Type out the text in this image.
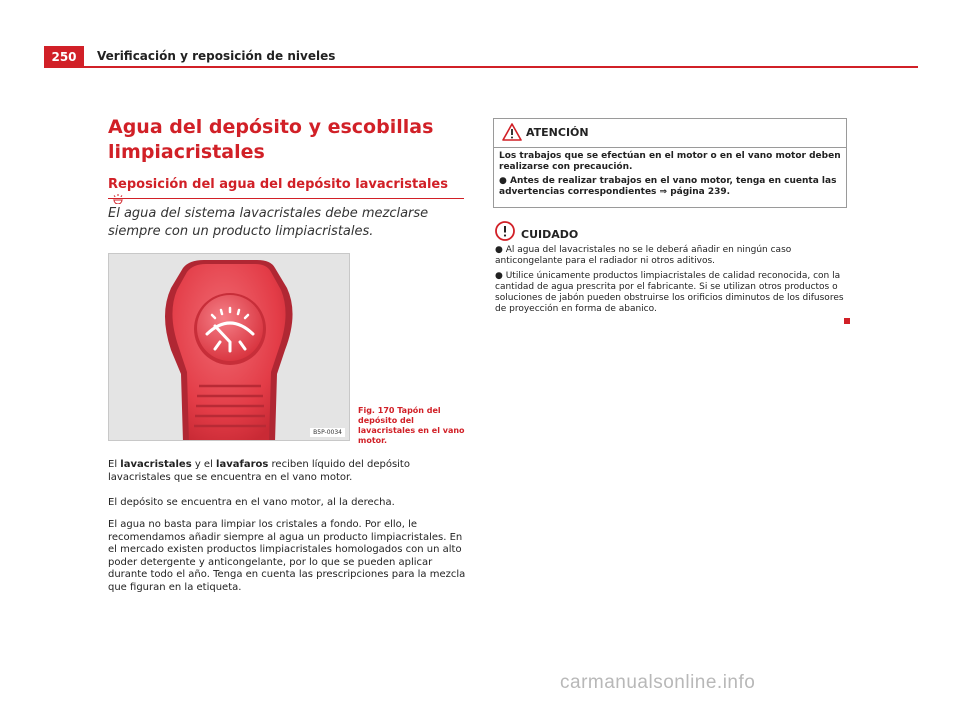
250	Verificación y reposición de niveles
Agua del depósito y escobillas limpiacristales
Reposición del agua del depósito lavacristales
El agua del sistema lavacristales debe mezclarse siempre con un producto limpiacristales.
B5P-0034
Fig. 170 Tapón del depósito del lavacristales en el vano motor.
El lavacristales y el lavafaros reciben líquido del depósito lavacristales que se encuentra en el vano motor.
El depósito se encuentra en el vano motor, al la derecha.
El agua no basta para limpiar los cristales a fondo. Por ello, le recomendamos añadir siempre al agua un producto limpiacristales. En el mercado existen productos limpiacristales homologados con un alto poder detergente y anticongelante, por lo que se pueden aplicar durante todo el año. Tenga en cuenta las prescripciones para la mezcla que figuran en la etiqueta.
ATENCIÓN

Los trabajos que se efectúan en el motor o en el vano motor deben realizarse con precaución.

● Antes de realizar trabajos en el vano motor, tenga en cuenta las advertencias correspondientes ⇒ página 239.

CUIDADO

● Al agua del lavacristales no se le deberá añadir en ningún caso anticongelante para el radiador ni otros aditivos.

● Utilice únicamente productos limpiacristales de calidad reconocida, con la cantidad de agua prescrita por el fabricante. Si se utilizan otros productos o soluciones de jabón pueden obstruirse los orificios diminutos de los difusores de proyección en forma de abanico.

carmanualsonline.info
